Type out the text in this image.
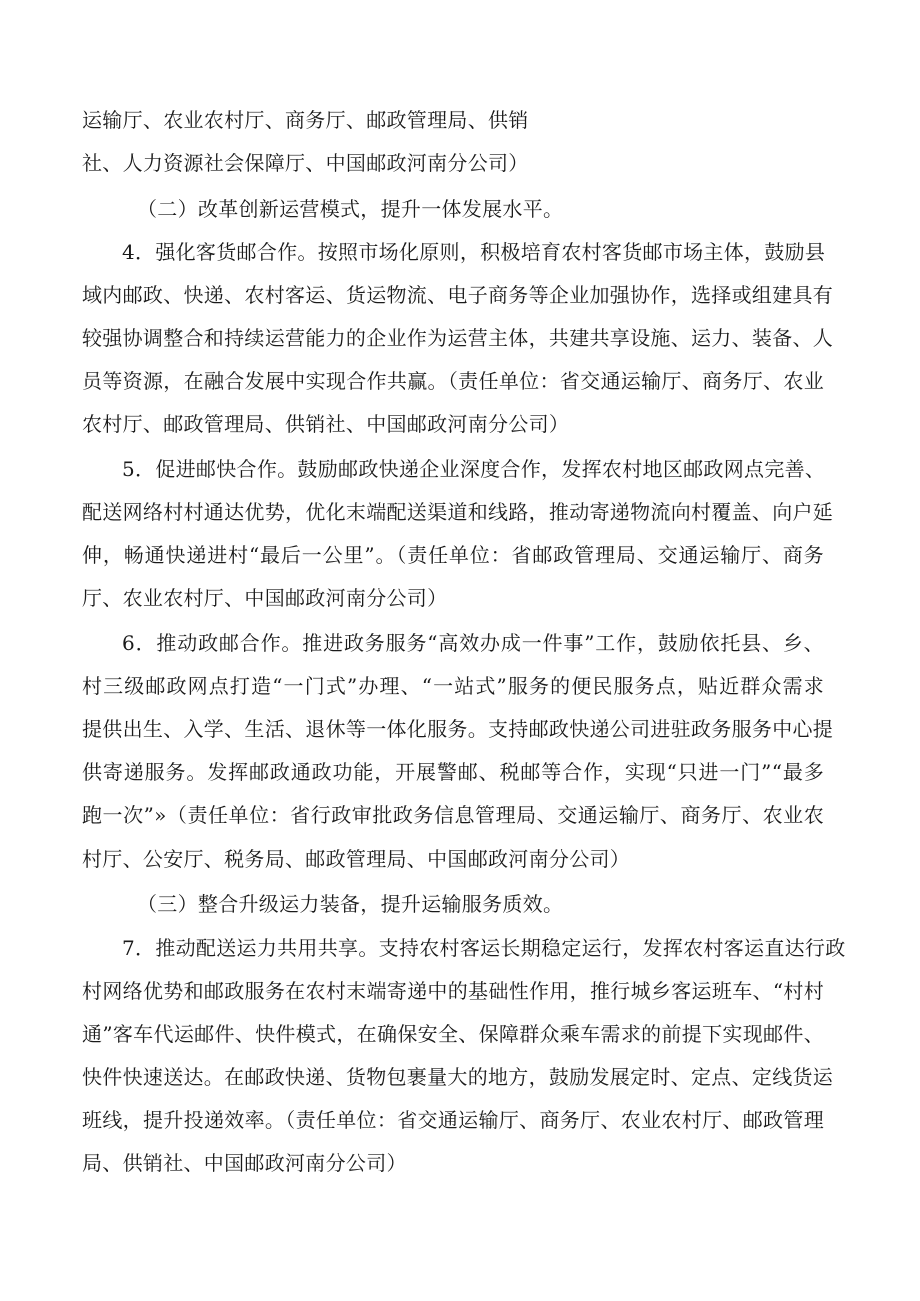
运输厅、农业农村厅、商务厅、邮政管理局、供销
社、人力资源社会保障厅、中国邮政河南分公司）
（二）改革创新运营模式，提升一体发展水平。
4．强化客货邮合作。按照市场化原则，积极培育农村客货邮市场主体，鼓励县
域内邮政、快递、农村客运、货运物流、电子商务等企业加强协作，选择或组建具有
较强协调整合和持续运营能力的企业作为运营主体，共建共享设施、运力、装备、人
员等资源，在融合发展中实现合作共赢。（责任单位：省交通运输厅、商务厅、农业
农村厅、邮政管理局、供销社、中国邮政河南分公司）
5．促进邮快合作。鼓励邮政快递企业深度合作，发挥农村地区邮政网点完善、
配送网络村村通达优势，优化末端配送渠道和线路，推动寄递物流向村覆盖、向户延
伸，畅通快递进村“最后一公里”。（责任单位：省邮政管理局、交通运输厅、商务
厅、农业农村厅、中国邮政河南分公司）
6．推动政邮合作。推进政务服务“高效办成一件事”工作，鼓励依托县、乡、
村三级邮政网点打造“一门式”办理、“一站式”服务的便民服务点，贴近群众需求
提供出生、入学、生活、退休等一体化服务。支持邮政快递公司进驻政务服务中心提
供寄递服务。发挥邮政通政功能，开展警邮、税邮等合作，实现“只进一门”“最多
跑一次”»（责任单位：省行政审批政务信息管理局、交通运输厅、商务厅、农业农
村厅、公安厅、税务局、邮政管理局、中国邮政河南分公司）
（三）整合升级运力装备，提升运输服务质效。
7．推动配送运力共用共享。支持农村客运长期稳定运行，发挥农村客运直达行政
村网络优势和邮政服务在农村末端寄递中的基础性作用，推行城乡客运班车、“村村
通”客车代运邮件、快件模式，在确保安全、保障群众乘车需求的前提下实现邮件、
快件快速送达。在邮政快递、货物包裹量大的地方，鼓励发展定时、定点、定线货运
班线，提升投递效率。（责任单位：省交通运输厅、商务厅、农业农村厅、邮政管理
局、供销社、中国邮政河南分公司）
